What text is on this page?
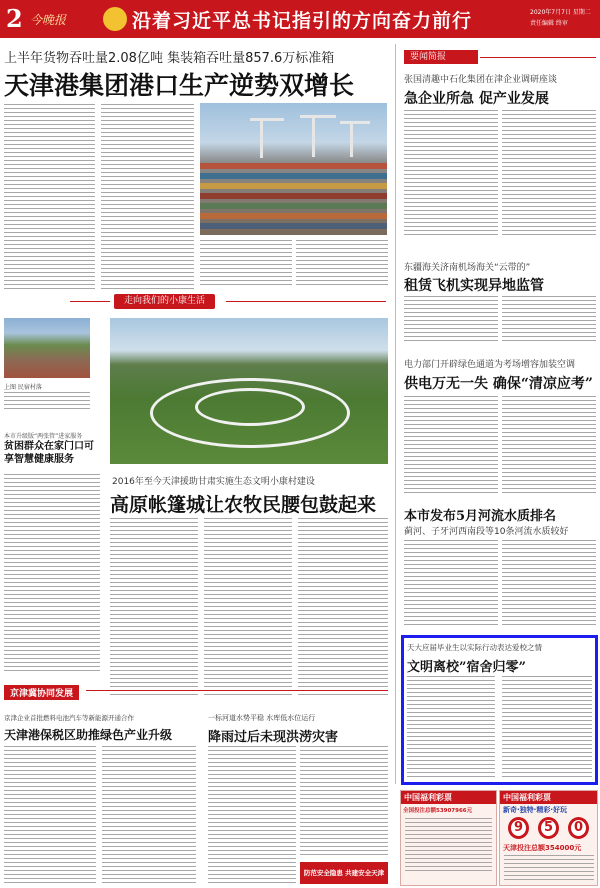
2 今晚报	沿着习近平总书记指引的方向奋力前行	2020年7月7日 星期二 责任编辑 终审
上半年货物吞吐量2.08亿吨 集装箱吞吐量857.6万标准箱
天津港集团港口生产逆势双增长
走向我们的小康生活
上图 民宿村落
本市升级版“两张管”进家服务
贫困群众在家门口可享智慧健康服务
2016年至今天津援助甘肃实施生态文明小康村建设
高原帐篷城让农牧民腰包鼓起来
京津冀协同发展
京津企业首批燃料电池汽车等新能源开通合作
天津港保税区助推绿色产业升级
一标河道水势平稳 水库低水位运行
降雨过后未现洪涝灾害
防范安全隐患 共建安全天津
要闻简报
张国清趣中石化集团在津企业调研座谈
急企业所急 促产业发展
东疆海关济南机场海关“云带的”
租赁飞机实现异地监管
电力部门开辟绿色通道为考场增容加装空调
供电万无一失 确保“清凉应考”
本市发布5月河流水质排名
蓟河、子牙河西南段等10条河流水质较好
天大应届毕业生以实际行动表达爱校之情
文明离校”宿舍归零”
中国福利彩票
全国投注总额53907966元
中国福利彩票
新奇·独特·精彩·好玩
9	5	0
天津投注总额354000元
